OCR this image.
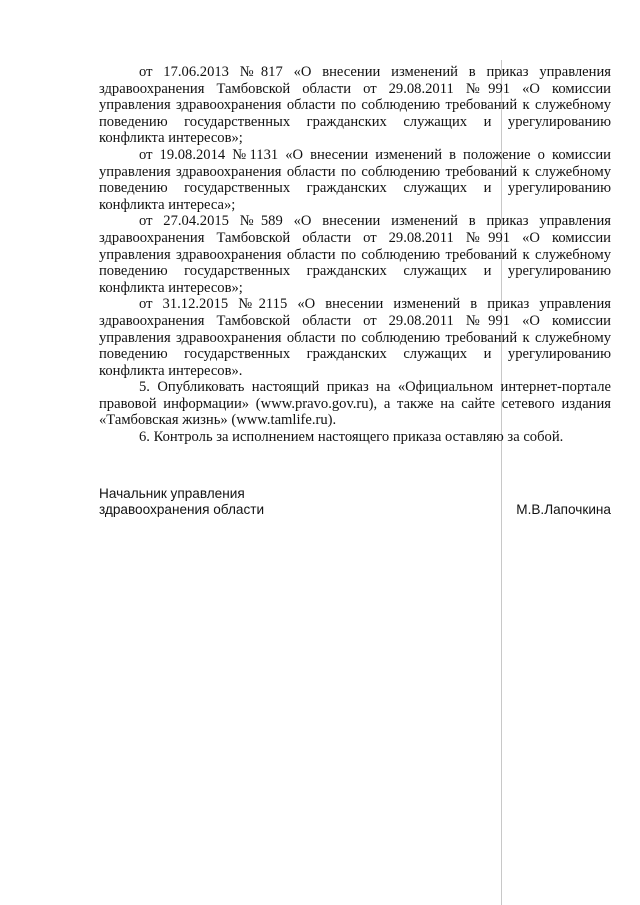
от 17.06.2013 №817 «О внесении изменений в приказ управления здравоохранения Тамбовской области от 29.08.2011 №991 «О комиссии управления здравоохранения области по соблюдению требований к служебному поведению государственных гражданских служащих и урегулированию конфликта интересов»;

от 19.08.2014 №1131 «О внесении изменений в положение о комиссии управления здравоохранения области по соблюдению требований к служебному поведению государственных гражданских служащих и урегулированию конфликта интереса»;

от 27.04.2015 №589 «О внесении изменений в приказ управления здравоохранения Тамбовской области от 29.08.2011 №991 «О комиссии управления здравоохранения области по соблюдению требований к служебному поведению государственных гражданских служащих и урегулированию конфликта интересов»;

от 31.12.2015 №2115 «О внесении изменений в приказ управления здравоохранения Тамбовской области от 29.08.2011 №991 «О комиссии управления здравоохранения области по соблюдению требований к служебному поведению государственных гражданских служащих и урегулированию конфликта интересов».

5. Опубликовать настоящий приказ на «Официальном интернет-портале правовой информации» (www.pravo.gov.ru), а также на сайте сетевого издания «Тамбовская жизнь» (www.tamlife.ru).

6. Контроль за исполнением настоящего приказа оставляю за собой.

Начальник управления
здравоохранения области	М.В.Лапочкина
